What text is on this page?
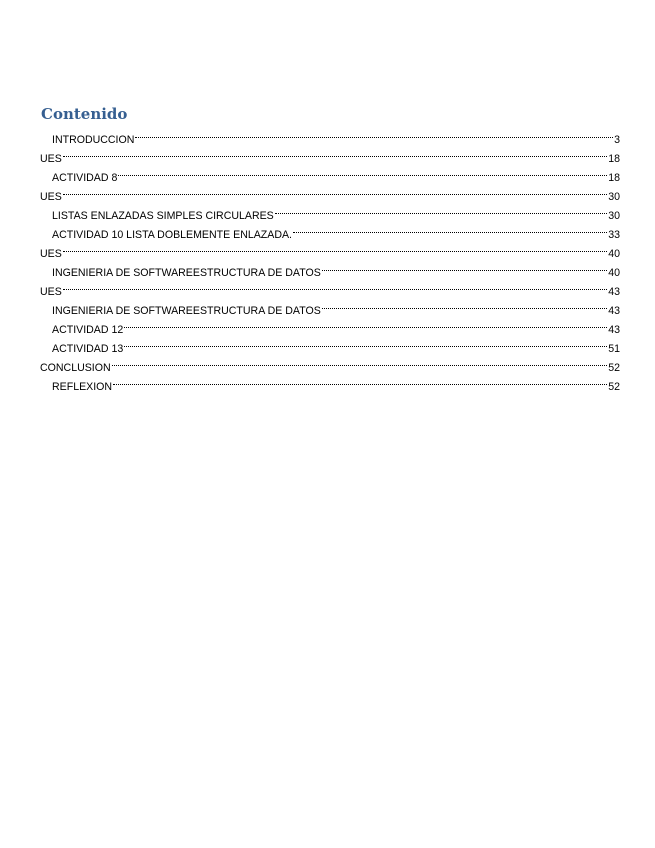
Contenido
INTRODUCCION	3
UES	18
ACTIVIDAD 8	18
UES	30
LISTAS ENLAZADAS SIMPLES CIRCULARES	30
ACTIVIDAD 10 LISTA DOBLEMENTE ENLAZADA.	33
UES	40
INGENIERIA DE SOFTWAREESTRUCTURA DE DATOS	40
UES	43
INGENIERIA DE SOFTWAREESTRUCTURA DE DATOS	43
ACTIVIDAD 12	43
ACTIVIDAD 13	51
CONCLUSION	52
REFLEXION	52
